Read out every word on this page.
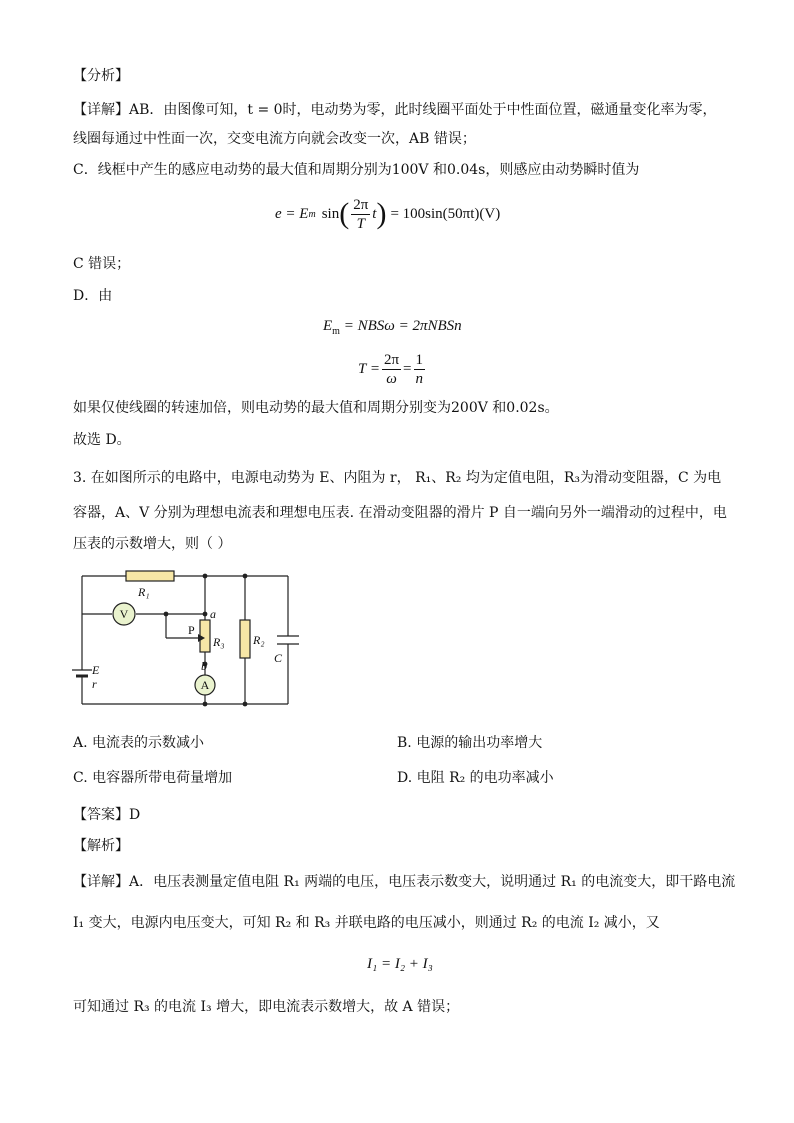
【分析】
【详解】AB．由图像可知，t = 0时，电动势为零，此时线圈平面处于中性面位置，磁通量变化率为零，
线圈每通过中性面一次，交变电流方向就会改变一次，AB 错误；
C．线框中产生的感应电动势的最大值和周期分别为100V 和0.04s，则感应由动势瞬时值为
e = E m sin ( $\frac{2\pi}{T}$ t ) = 100sin(50πt)(V)
C 错误；
D．由
$E_m = NBS\omega$ = 2πNBSn
$T = \frac{2\pi}{\omega} = \frac{1}{n}$
如果仅使线圈的转速加倍，则电动势的最大值和周期分别变为200V 和0.02s。
故选 D。
3. 在如图所示的电路中，电源电动势为 E、内阻为 r， R₁、R₂ 均为定值电阻，R₃为滑动变阻器，C 为电
容器，A、V 分别为理想电流表和理想电压表. 在滑动变阻器的滑片 P 自一端向另外一端滑动的过程中，电
压表的示数增大，则（ ）
V
A
R₁
R₃ R₂
P
a
b
C
E
r
A. 电流表的示数减小	B. 电源的输出功率增大
C. 电容器所带电荷量增加	D. 电阻 R₂ 的电功率减小
【答案】D
【解析】
【详解】A．电压表测量定值电阻 R₁ 两端的电压，电压表示数变大，说明通过 R₁ 的电流变大，即干路电流
I₁ 变大，电源内电压变大，可知 R₂ 和 R₃ 并联电路的电压减小，则通过 R₂ 的电流 I₂ 减小，又
I₁ = I₂ + I₃
可知通过 R₃ 的电流 I₃ 增大，即电流表示数增大，故 A 错误；
